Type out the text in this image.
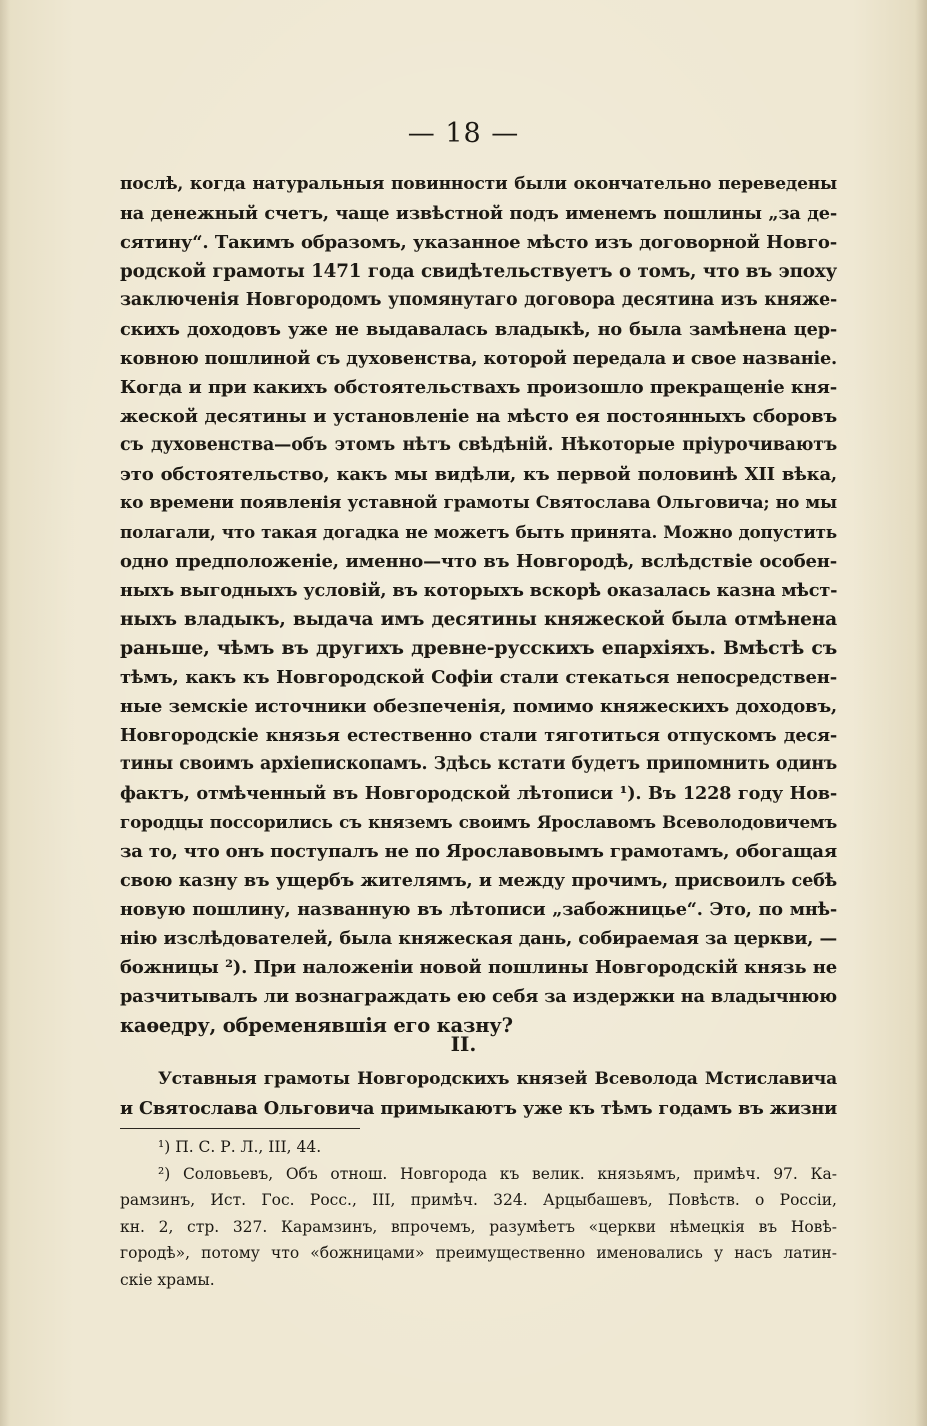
— 18 —
послѣ, когда натуральныя повинности были окончательно переведены
на денежный счетъ, чаще извѣстной подъ именемъ пошлины „за де-
сятину“. Такимъ образомъ, указанное мѣсто изъ договорной Новго-
родской грамоты 1471 года свидѣтельствуетъ о томъ, что въ эпоху
заключенія Новгородомъ упомянутаго договора десятина изъ княже-
скихъ доходовъ уже не выдавалась владыкѣ, но была замѣнена цер-
ковною пошлиной съ духовенства, которой передала и свое названіе.
Когда и при какихъ обстоятельствахъ произошло прекращеніе кня-
жеской десятины и установленіе на мѣсто ея постоянныхъ сборовъ
съ духовенства—объ этомъ нѣтъ свѣдѣній. Нѣкоторые пріурочиваютъ
это обстоятельство, какъ мы видѣли, къ первой половинѣ XII вѣка,
ко времени появленія уставной грамоты Святослава Ольговича; но мы
полагали, что такая догадка не можетъ быть принята. Можно допустить
одно предположеніе, именно—что въ Новгородѣ, вслѣдствіе особен-
ныхъ выгодныхъ условій, въ которыхъ вскорѣ оказалась казна мѣст-
ныхъ владыкъ, выдача имъ десятины княжеской была отмѣнена
раньше, чѣмъ въ другихъ древне-русскихъ епархіяхъ. Вмѣстѣ съ
тѣмъ, какъ къ Новгородской Софіи стали стекаться непосредствен-
ные земскіе источники обезпеченія, помимо княжескихъ доходовъ,
Новгородскіе князья естественно стали тяготиться отпускомъ деся-
тины своимъ архіепископамъ. Здѣсь кстати будетъ припомнить одинъ
фактъ, отмѣченный въ Новгородской лѣтописи ¹). Въ 1228 году Нов-
городцы поссорились съ княземъ своимъ Ярославомъ Всеволодовичемъ
за то, что онъ поступалъ не по Ярославовымъ грамотамъ, обогащая
свою казну въ ущербъ жителямъ, и между прочимъ, присвоилъ себѣ
новую пошлину, названную въ лѣтописи „забожницье“. Это, по мнѣ-
нію изслѣдователей, была княжеская дань, собираемая за церкви, —
божницы ²). При наложеніи новой пошлины Новгородскій князь не
разчитывалъ ли вознаграждать ею себя за издержки на владычнюю
каѳедру, обременявшія его казну?
II.
Уставныя грамоты Новгородскихъ князей Всеволода Мстиславича
и Святослава Ольговича примыкаютъ уже къ тѣмъ годамъ въ жизни
¹) П. С. Р. Л., III, 44.
²) Соловьевъ, Объ отнош. Новгорода къ велик. князьямъ, примѣч. 97. Ка-
рамзинъ, Ист. Гос. Росс., III, примѣч. 324. Арцыбашевъ, Повѣств. о Россіи,
кн. 2, стр. 327. Карамзинъ, впрочемъ, разумѣетъ «церкви нѣмецкія въ Новѣ-
городѣ», потому что «божницами» преимущественно именовались у насъ латин-
скіе храмы.
